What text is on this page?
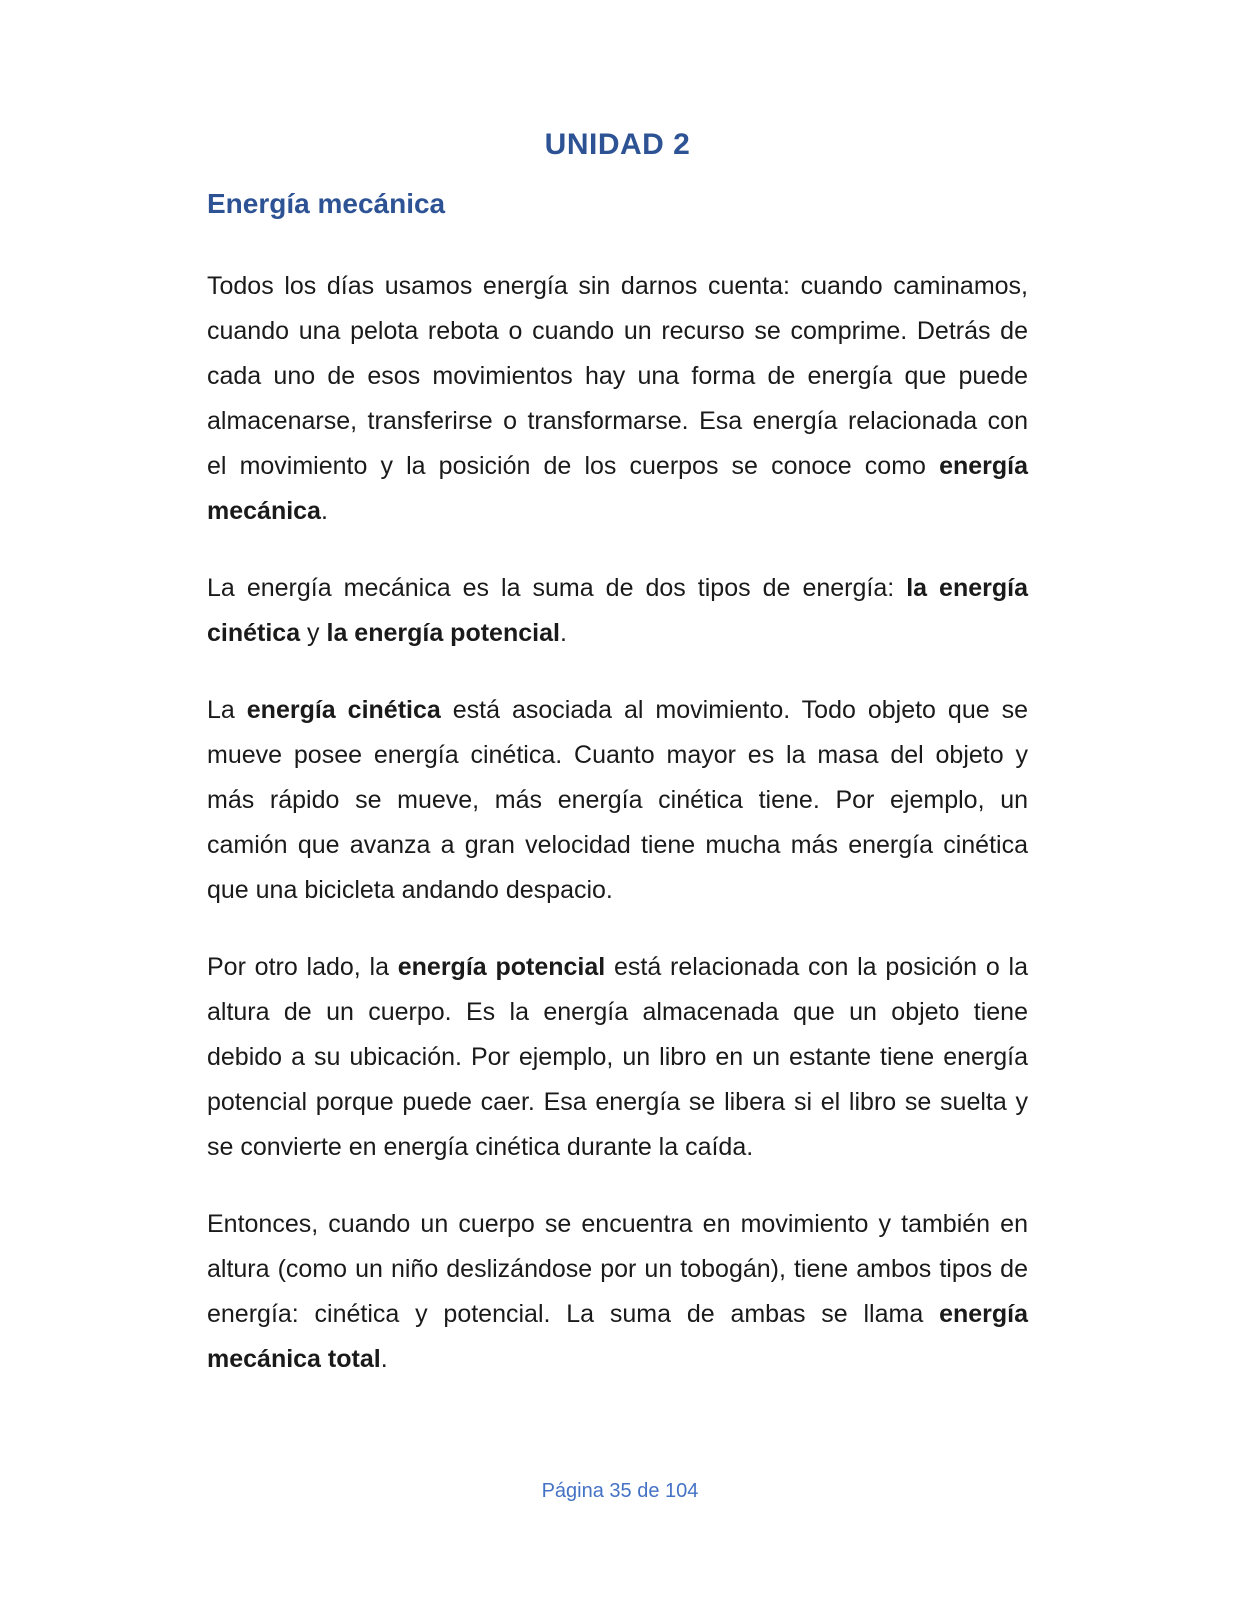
UNIDAD 2
Energía mecánica

Todos los días usamos energía sin darnos cuenta: cuando caminamos, cuando una pelota rebota o cuando un recurso se comprime. Detrás de cada uno de esos movimientos hay una forma de energía que puede almacenarse, transferirse o transformarse. Esa energía relacionada con el movimiento y la posición de los cuerpos se conoce como energía mecánica.

La energía mecánica es la suma de dos tipos de energía: la energía cinética y la energía potencial.

La energía cinética está asociada al movimiento. Todo objeto que se mueve posee energía cinética. Cuanto mayor es la masa del objeto y más rápido se mueve, más energía cinética tiene. Por ejemplo, un camión que avanza a gran velocidad tiene mucha más energía cinética que una bicicleta andando despacio.

Por otro lado, la energía potencial está relacionada con la posición o la altura de un cuerpo. Es la energía almacenada que un objeto tiene debido a su ubicación. Por ejemplo, un libro en un estante tiene energía potencial porque puede caer. Esa energía se libera si el libro se suelta y se convierte en energía cinética durante la caída.

Entonces, cuando un cuerpo se encuentra en movimiento y también en altura (como un niño deslizándose por un tobogán), tiene ambos tipos de energía: cinética y potencial. La suma de ambas se llama energía mecánica total.

Página 35 de 104
